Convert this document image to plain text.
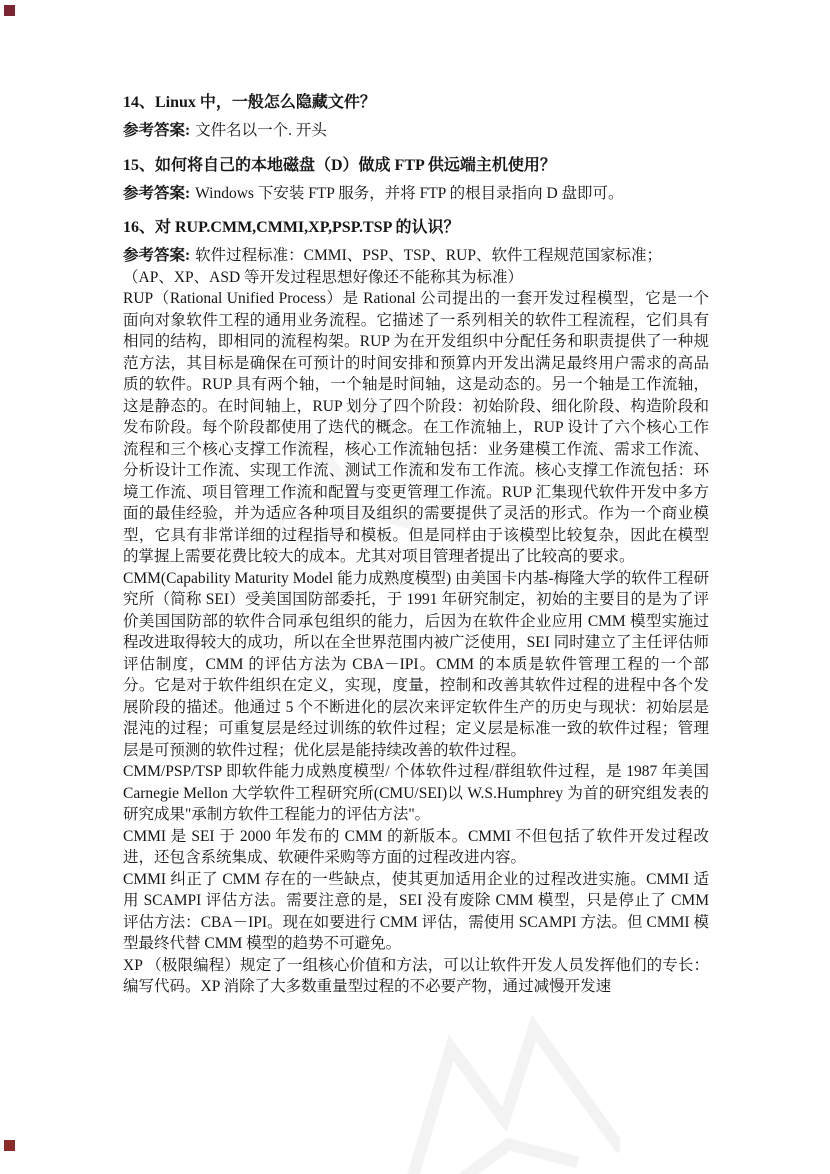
14、Linux 中，一般怎么隐藏文件？

参考答案: 文件名以一个. 开头

15、如何将自己的本地磁盘（D）做成 FTP 供远端主机使用？

参考答案: Windows 下安装 FTP 服务，并将 FTP 的根目录指向 D 盘即可。

16、对 RUP.CMM,CMMI,XP,PSP.TSP 的认识？

参考答案: 软件过程标准：CMMI、PSP、TSP、RUP、软件工程规范国家标准；

（AP、XP、ASD 等开发过程思想好像还不能称其为标准）

RUP（Rational Unified Process）是 Rational 公司提出的一套开发过程模型，它是一个面向对象软件工程的通用业务流程。它描述了一系列相关的软件工程流程，它们具有相同的结构，即相同的流程构架。RUP 为在开发组织中分配任务和职责提供了一种规范方法，其目标是确保在可预计的时间安排和预算内开发出满足最终用户需求的高品质的软件。RUP 具有两个轴，一个轴是时间轴，这是动态的。另一个轴是工作流轴，这是静态的。在时间轴上，RUP 划分了四个阶段：初始阶段、细化阶段、构造阶段和发布阶段。每个阶段都使用了迭代的概念。在工作流轴上，RUP 设计了六个核心工作流程和三个核心支撑工作流程，核心工作流轴包括：业务建模工作流、需求工作流、分析设计工作流、实现工作流、测试工作流和发布工作流。核心支撑工作流包括：环境工作流、项目管理工作流和配置与变更管理工作流。RUP 汇集现代软件开发中多方面的最佳经验，并为适应各种项目及组织的需要提供了灵活的形式。作为一个商业模型，它具有非常详细的过程指导和模板。但是同样由于该模型比较复杂，因此在模型的掌握上需要花费比较大的成本。尤其对项目管理者提出了比较高的要求。

CMM(Capability Maturity Model 能力成熟度模型) 由美国卡内基-梅隆大学的软件工程研究所（简称 SEI）受美国国防部委托，于 1991 年研究制定，初始的主要目的是为了评价美国国防部的软件合同承包组织的能力，后因为在软件企业应用 CMM 模型实施过程改进取得较大的成功，所以在全世界范围内被广泛使用，SEI 同时建立了主任评估师评估制度，CMM 的评估方法为 CBA－IPI。CMM 的本质是软件管理工程的一个部分。它是对于软件组织在定义，实现，度量，控制和改善其软件过程的进程中各个发展阶段的描述。他通过 5 个不断进化的层次来评定软件生产的历史与现状：初始层是混沌的过程；可重复层是经过训练的软件过程；定义层是标准一致的软件过程；管理层是可预测的软件过程；优化层是能持续改善的软件过程。

CMM/PSP/TSP 即软件能力成熟度模型/ 个体软件过程/群组软件过程，是 1987 年美国 Carnegie Mellon 大学软件工程研究所(CMU/SEI)以 W.S.Humphrey 为首的研究组发表的研究成果"承制方软件工程能力的评估方法"。

CMMI 是 SEI 于 2000 年发布的 CMM 的新版本。CMMI 不但包括了软件开发过程改进，还包含系统集成、软硬件采购等方面的过程改进内容。

CMMI 纠正了 CMM 存在的一些缺点，使其更加适用企业的过程改进实施。CMMI 适用 SCAMPI 评估方法。需要注意的是，SEI 没有废除 CMM 模型，只是停止了 CMM 评估方法：CBA－IPI。现在如要进行 CMM 评估，需使用 SCAMPI 方法。但 CMMI 模型最终代替 CMM 模型的趋势不可避免。

XP （极限编程）规定了一组核心价值和方法，可以让软件开发人员发挥他们的专长：编写代码。XP 消除了大多数重量型过程的不必要产物，通过减慢开发速
